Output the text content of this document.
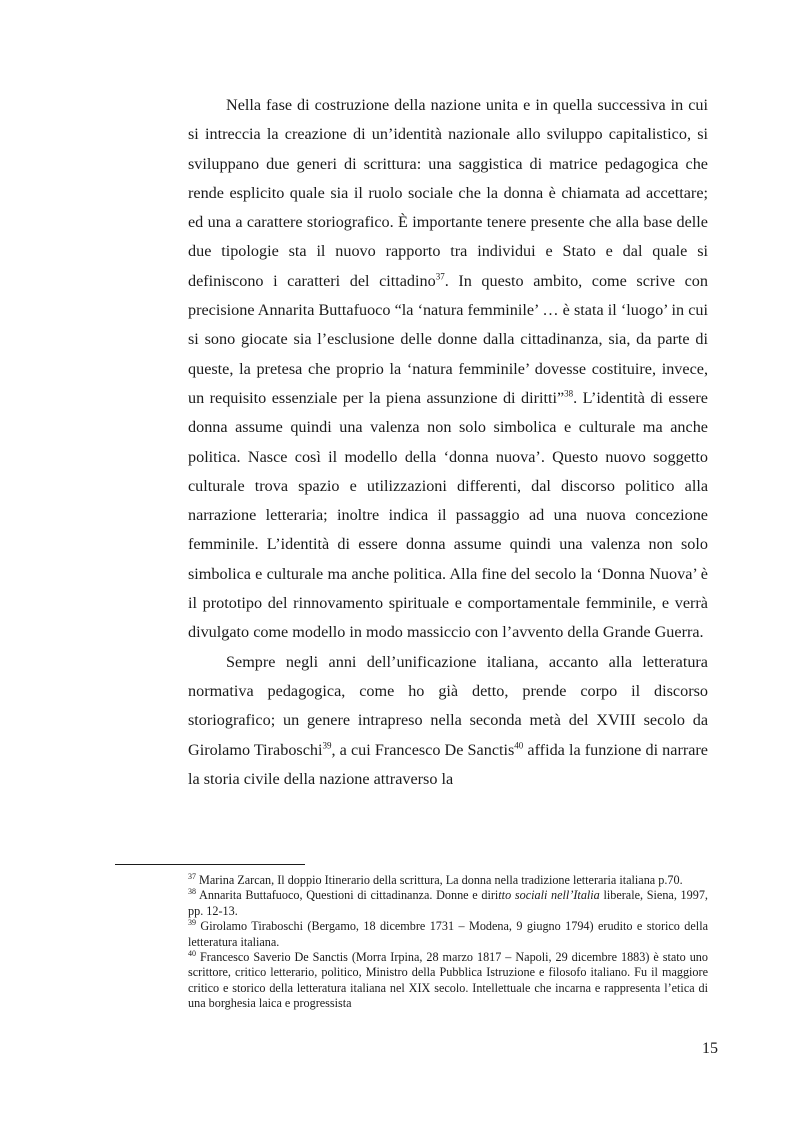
Nella fase di costruzione della nazione unita e in quella successiva in cui si intreccia la creazione di un’identità nazionale allo sviluppo capitalistico, si sviluppano due generi di scrittura: una saggistica di matrice pedagogica che rende esplicito quale sia il ruolo sociale che la donna è chiamata ad accettare; ed una a carattere storiografico. È importante tenere presente che alla base delle due tipologie sta il nuovo rapporto tra individui e Stato e dal quale si definiscono i caratteri del cittadino$^{37}$. In questo ambito, come scrive con precisione Annarita Buttafuoco “la ‘natura femminile’ … è stata il ‘luogo’ in cui si sono giocate sia l’esclusione delle donne dalla cittadinanza, sia, da parte di queste, la pretesa che proprio la ‘natura femminile’ dovesse costituire, invece, un requisito essenziale per la piena assunzione di diritti”$^{38}$. L’identità di essere donna assume quindi una valenza non solo simbolica e culturale ma anche politica. Nasce così il modello della ‘donna nuova’. Questo nuovo soggetto culturale trova spazio e utilizzazioni differenti, dal discorso politico alla narrazione letteraria; inoltre indica il passaggio ad una nuova concezione femminile. L’identità di essere donna assume quindi una valenza non solo simbolica e culturale ma anche politica. Alla fine del secolo la ‘Donna Nuova’ è il prototipo del rinnovamento spirituale e comportamentale femminile, e verrà divulgato come modello in modo massiccio con l’avvento della Grande Guerra.

Sempre negli anni dell’unificazione italiana, accanto alla letteratura normativa pedagogica, come ho già detto, prende corpo il discorso storiografico; un genere intrapreso nella seconda metà del XVIII secolo da Girolamo Tiraboschi$^{39}$, a cui Francesco De Sanctis$^{40}$ affida la funzione di narrare la storia civile della nazione attraverso la

$^{37}$ Marina Zarcan, Il doppio Itinerario della scrittura, La donna nella tradizione letteraria italiana p.70.

$^{38}$ Annarita Buttafuoco, Questioni di cittadinanza. Donne e diritto sociali nell’Italia liberale, Siena, 1997, pp. 12-13.

$^{39}$ Girolamo Tiraboschi (Bergamo, 18 dicembre 1731 – Modena, 9 giugno 1794) erudito e storico della letteratura italiana.

$^{40}$ Francesco Saverio De Sanctis (Morra Irpina, 28 marzo 1817 – Napoli, 29 dicembre 1883) è stato uno scrittore, critico letterario, politico, Ministro della Pubblica Istruzione e filosofo italiano. Fu il maggiore critico e storico della letteratura italiana nel XIX secolo. Intellettuale che incarna e rappresenta l’etica di una borghesia laica e progressista

15
